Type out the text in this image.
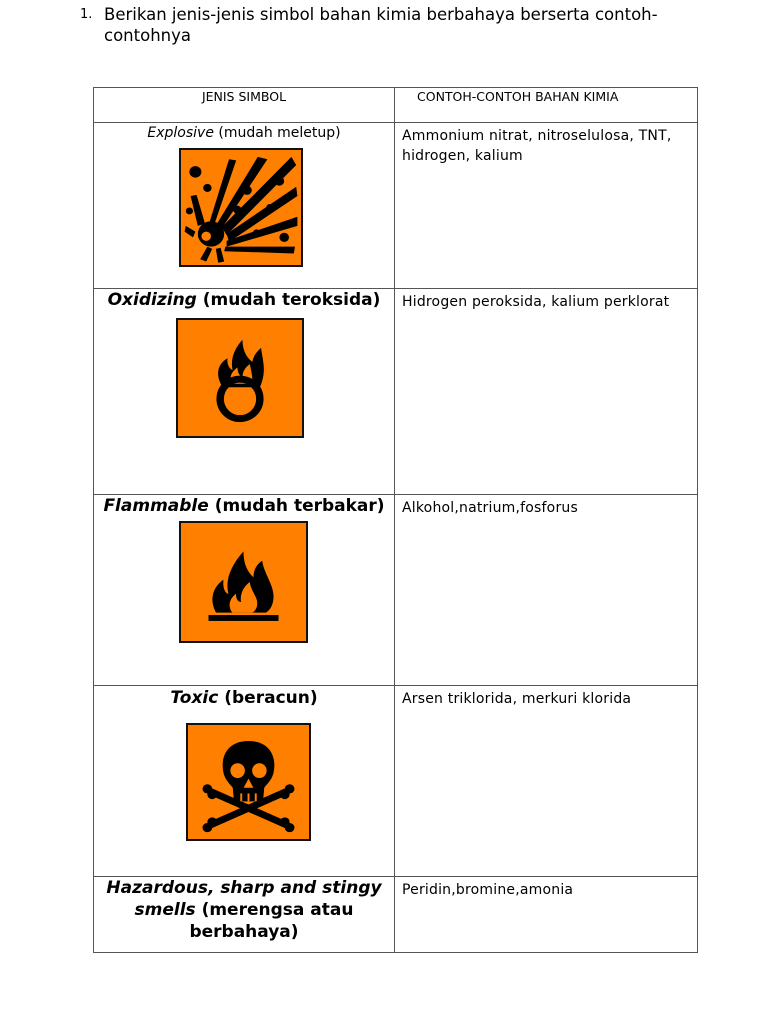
1. Berikan jenis-jenis simbol bahan kimia berbahaya berserta contoh-contohnya
JENIS SIMBOL	CONTOH-CONTOH BAHAN KIMIA

Explosive (mudah meletup)	Ammonium nitrat, nitroselulosa, TNT, hidrogen, kalium

Oxidizing (mudah teroksida)	Hidrogen peroksida, kalium perklorat

Flammable (mudah terbakar)	Alkohol,natrium,fosforus

Toxic (beracun)	Arsen triklorida, merkuri klorida

Hazardous, sharp and stingy smells (merengsa atau berbahaya)	Peridin,bromine,amonia
